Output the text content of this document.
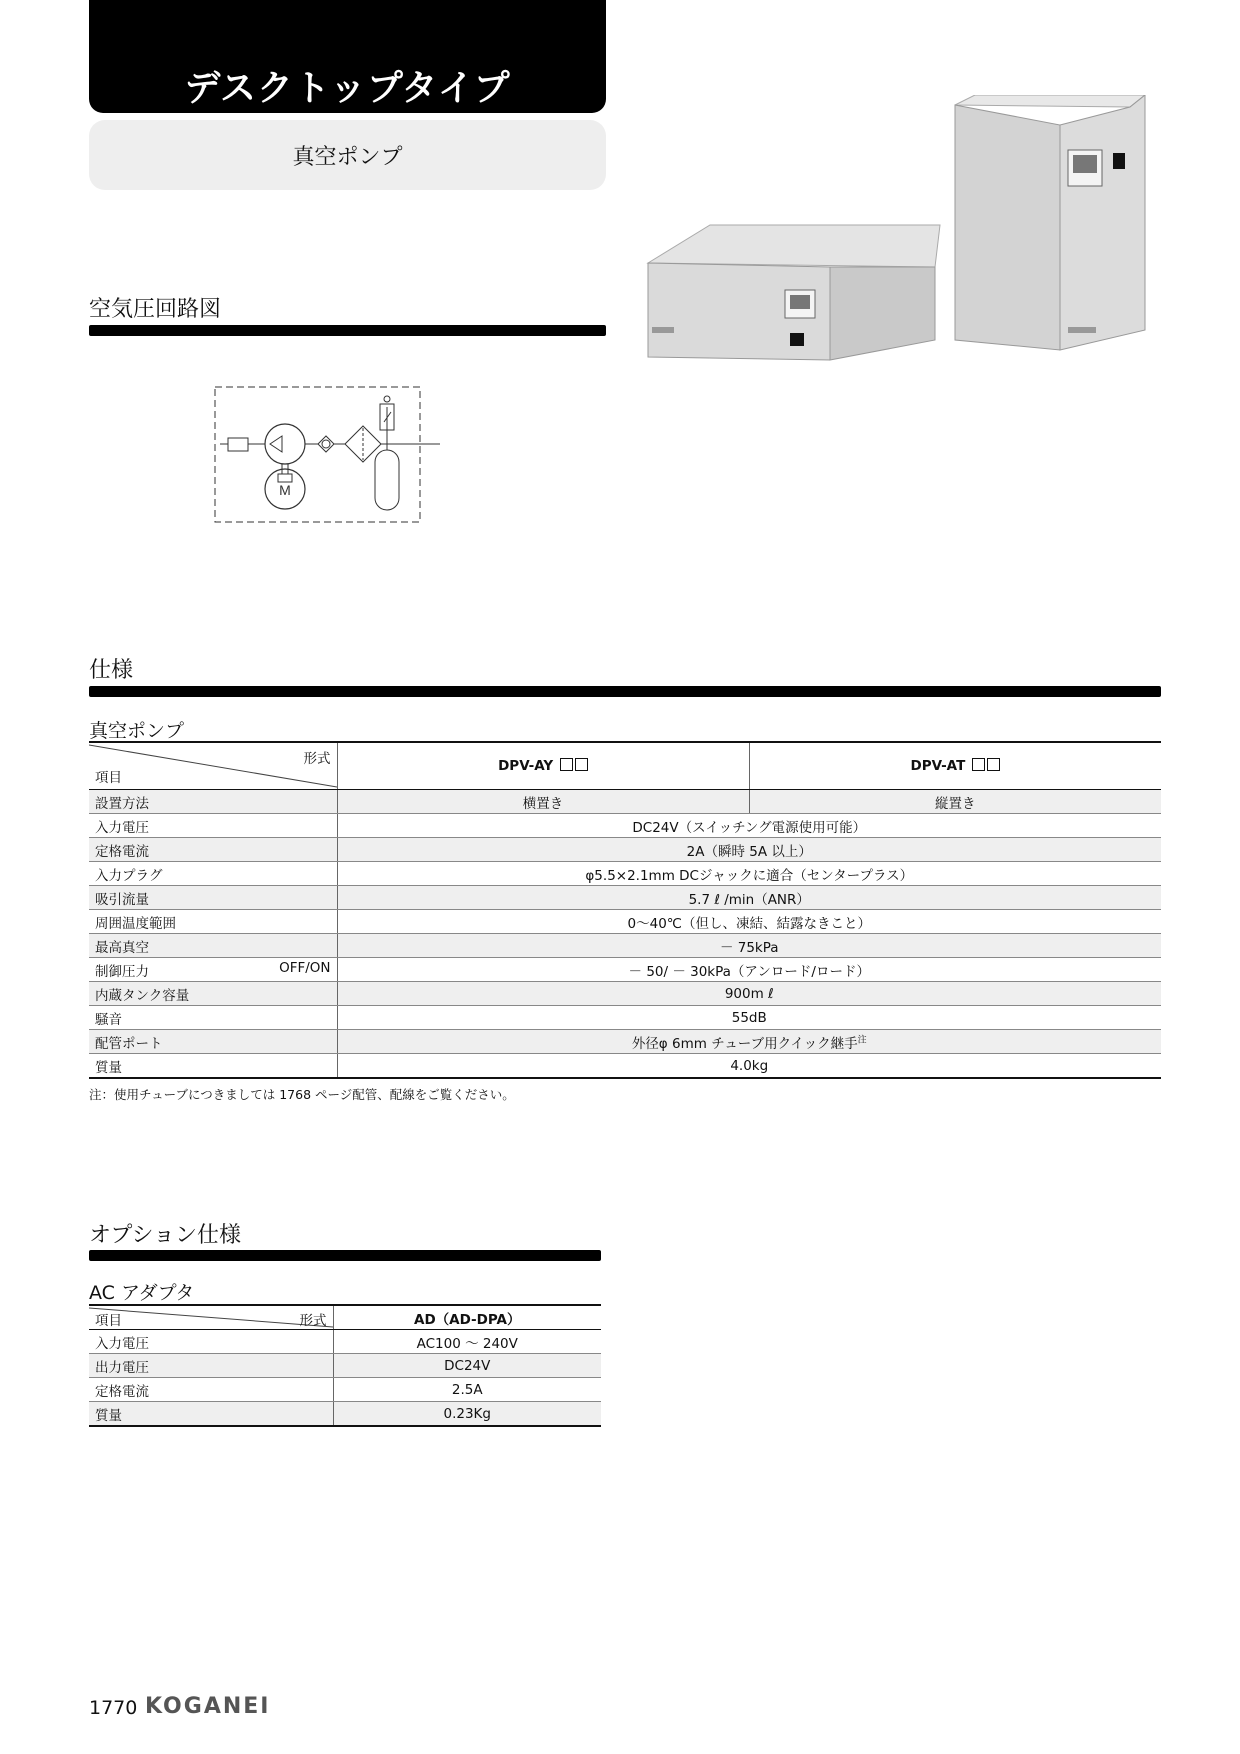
デスクトップタイプ
真空ポンプ
空気圧回路図
M
仕様
真空ポンプ
形式
項目	DPV-AY	DPV-AT
設置方法	横置き	縦置き
入力電圧	DC24V（スイッチング電源使用可能）	
定格電流	2A（瞬時 5A 以上）	
入力プラグ	φ5.5×2.1mm DCジャックに適合（センタープラス）	
吸引流量	5.7 ℓ /min（ANR）	
周囲温度範囲	0～40℃（但し、凍結、結露なきこと）	
最高真空	－ 75kPa	
制御圧力 OFF/ON	－ 50/ － 30kPa（アンロード/ロード）	
内蔵タンク容量	900m ℓ	
騒音	55dB	
配管ポート	外径φ 6mm チューブ用クイック継手$^注$
質量	4.0kg	
注：使用チューブにつきましては 1768 ページ配管、配線をご覧ください。
オプション仕様
AC アダプタ
項目 形式	AD（AD-DPA）
入力電圧	AC100 ～ 240V
出力電圧	DC24V
定格電流	2.5A
質量	0.23Kg
1770 KOGANEI
